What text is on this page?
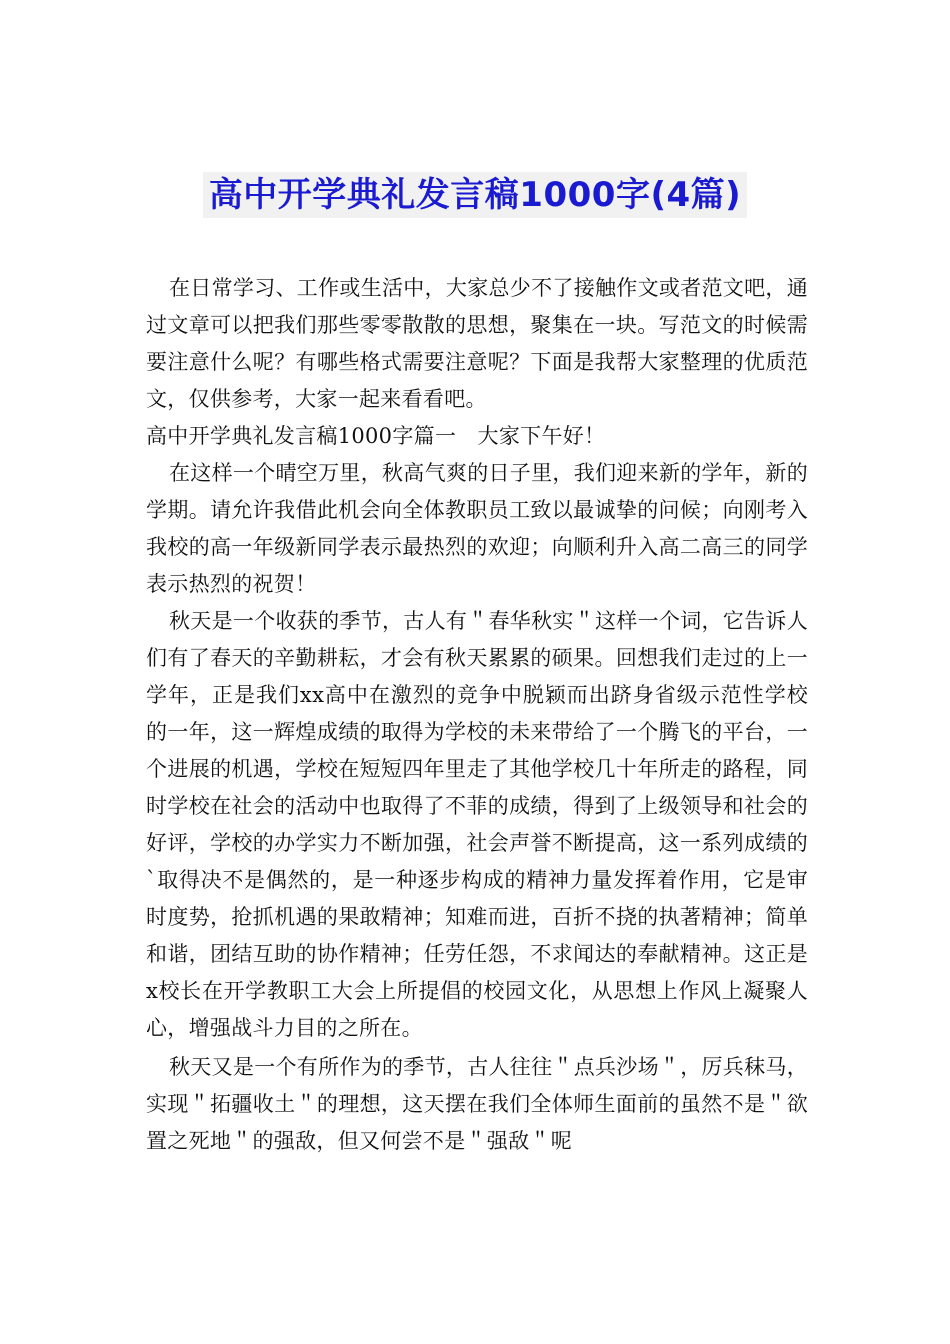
高中开学典礼发言稿1000字(4篇)

在日常学习、工作或生活中，大家总少不了接触作文或者范文吧，通过文章可以把我们那些零零散散的思想，聚集在一块。写范文的时候需要注意什么呢？有哪些格式需要注意呢？下面是我帮大家整理的优质范文，仅供参考，大家一起来看看吧。

高中开学典礼发言稿1000字篇一　大家下午好！

在这样一个晴空万里，秋高气爽的日子里，我们迎来新的学年，新的学期。请允许我借此机会向全体教职员工致以最诚挚的问候；向刚考入我校的高一年级新同学表示最热烈的欢迎；向顺利升入高二高三的同学表示热烈的祝贺！

秋天是一个收获的季节，古人有＂春华秋实＂这样一个词，它告诉人们有了春天的辛勤耕耘，才会有秋天累累的硕果。回想我们走过的上一学年，正是我们xx高中在激烈的竞争中脱颖而出跻身省级示范性学校的一年，这一辉煌成绩的取得为学校的未来带给了一个腾飞的平台，一个进展的机遇，学校在短短四年里走了其他学校几十年所走的路程，同时学校在社会的活动中也取得了不菲的成绩，得到了上级领导和社会的好评，学校的办学实力不断加强，社会声誉不断提高，这一系列成绩的`取得决不是偶然的，是一种逐步构成的精神力量发挥着作用，它是审时度势，抢抓机遇的果敢精神；知难而进，百折不挠的执著精神；简单和谐，团结互助的协作精神；任劳任怨，不求闻达的奉献精神。这正是x校长在开学教职工大会上所提倡的校园文化，从思想上作风上凝聚人心，增强战斗力目的之所在。

秋天又是一个有所作为的季节，古人往往＂点兵沙场＂，厉兵秣马，实现＂拓疆收土＂的理想，这天摆在我们全体师生面前的虽然不是＂欲置之死地＂的强敌，但又何尝不是＂强敌＂呢
